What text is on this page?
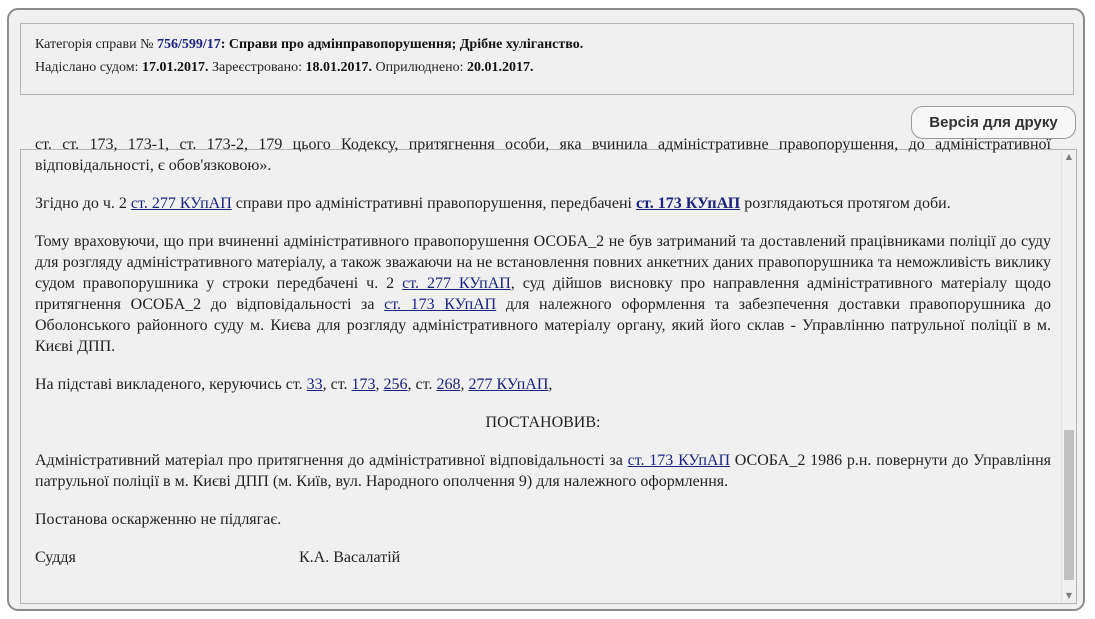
Категорія справи № 756/599/17: Справи про адмінправопорушення; Дрібне хуліганство.
Надіслано судом: 17.01.2017. Зареєстровано: 18.01.2017. Оприлюднено: 20.01.2017.
Версія для друку

ст. ст. 173, 173-1, ст. 173-2, 179 цього Кодексу, притягнення особи, яка вчинила адміністративне правопорушення, до адміністративної відповідальності, є обов'язковою».

Згідно до ч. 2 ст. 277 КУпАП справи про адміністративні правопорушення, передбачені ст. 173 КУпАП розглядаються протягом доби.

Тому враховуючи, що при вчиненні адміністративного правопорушення ОСОБА_2 не був затриманий та доставлений працівниками поліції до суду для розгляду адміністративного матеріалу, а також зважаючи на не встановлення повних анкетних даних правопорушника та неможливість виклику судом правопорушника у строки передбачені ч. 2 ст. 277 КУпАП, суд дійшов висновку про направлення адміністративного матеріалу щодо притягнення ОСОБА_2 до відповідальності за ст. 173 КУпАП для належного оформлення та забезпечення доставки правопорушника до Оболонського районного суду м. Києва для розгляду адміністративного матеріалу органу, який його склав - Управлінню патрульної поліції в м. Києві ДПП.

На підставі викладеного, керуючись ст. 33, ст. 173, 256, ст. 268, 277 КУпАП,

ПОСТАНОВИВ:

Адміністративний матеріал про притягнення до адміністративної відповідальності за ст. 173 КУпАП ОСОБА_2 1986 р.н. повернути до Управління патрульної поліції в м. Києві ДПП (м. Київ, вул. Народного ополчення 9) для належного оформлення.

Постанова оскарженню не підлягає.

Суддя	К.А. Васалатій
▲
▼
